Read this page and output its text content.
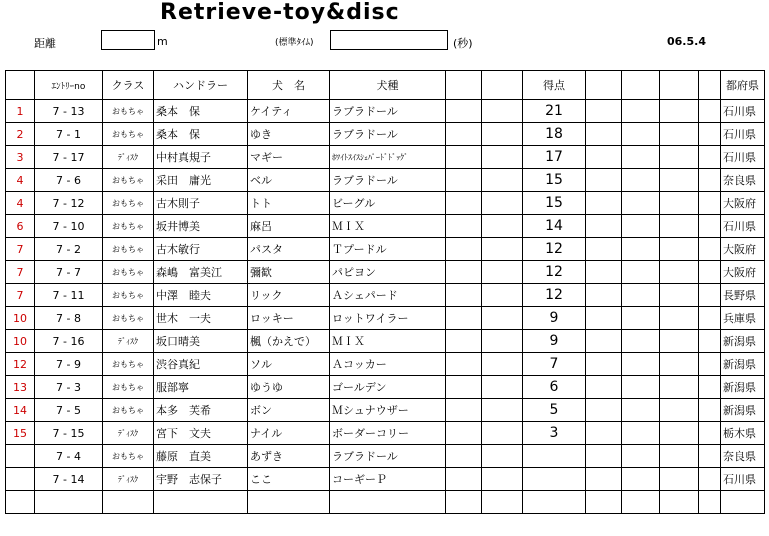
Retrieve-toy&disc
距離	m	(標準ﾀｲﾑ)	(秒)	06.5.4
	ｴﾝﾄﾘｰno	クラス	ハンドラー	犬　名	犬種			得点					都府県
1	7 - 13	おもちゃ	桑本　保	ケイティ	ラブラドール			21					石川県
2	7 - 1	おもちゃ	桑本　保	ゆき	ラブラドール			18					石川県
3	7 - 17	ﾃﾞｨｽｸ	中村真規子	マギー	ﾎﾜｲﾄｽｲｽｼｪﾊﾟｰﾄﾞﾄﾞｯｸﾞ			17					石川県
4	7 - 6	おもちゃ	采田　庸光	ベル	ラブラドール			15					奈良県
4	7 - 12	おもちゃ	古木則子	トト	ビーグル			15					大阪府
6	7 - 10	おもちゃ	坂井博美	麻呂	ＭＩＸ			14					石川県
7	7 - 2	おもちゃ	古木敏行	パスタ	Ｔプードル			12					大阪府
7	7 - 7	おもちゃ	森嶋　富美江	彌歓	パピヨン			12					大阪府
7	7 - 11	おもちゃ	中澤　睦夫	リック	Ａシェパード			12					長野県
10	7 - 8	おもちゃ	世木　一夫	ロッキー	ロットワイラー			9					兵庫県
10	7 - 16	ﾃﾞｨｽｸ	坂口晴美	楓（かえで）	ＭＩＸ			9					新潟県
12	7 - 9	おもちゃ	渋谷真紀	ソル	Ａコッカー			7					新潟県
13	7 - 3	おもちゃ	服部寧	ゆうゆ	ゴールデン			6					新潟県
14	7 - 5	おもちゃ	本多　芙希	ボン	Ｍシュナウザー			5					新潟県
15	7 - 15	ﾃﾞｨｽｸ	宮下　文夫	ナイル	ボーダーコリー			3					栃木県
	7 - 4	おもちゃ	藤原　直美	あずき	ラブラドール								奈良県
	7 - 14	ﾃﾞｨｽｸ	宇野　志保子	ここ	コーギーＰ								石川県
